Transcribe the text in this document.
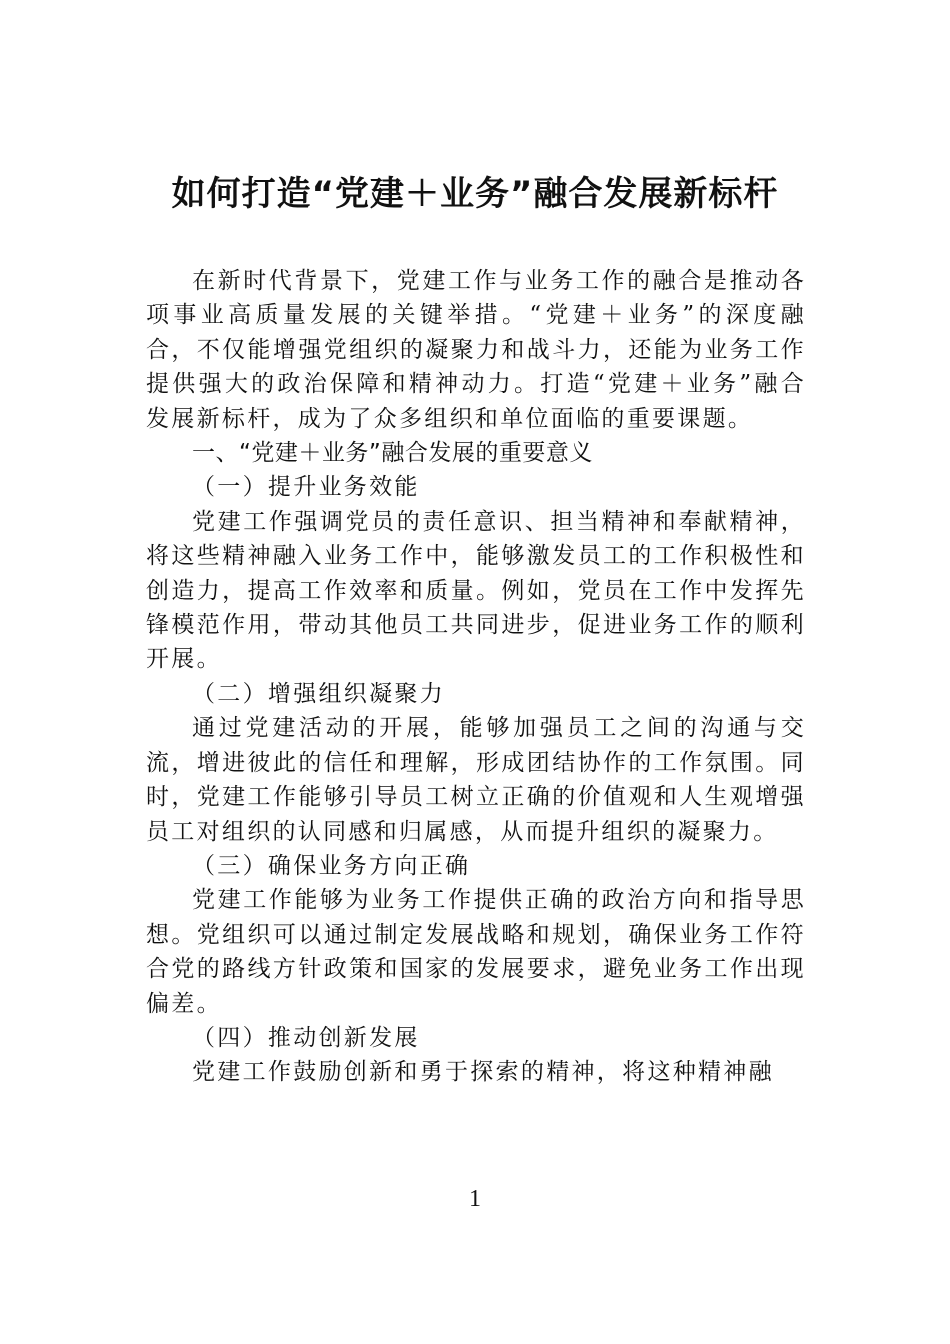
如何打造“党建＋业务”融合发展新标杆

在新时代背景下，党建工作与业务工作的融合是推动各项事业高质量发展的关键举措。“党建＋业务”的深度融合，不仅能增强党组织的凝聚力和战斗力，还能为业务工作提供强大的政治保障和精神动力。打造“党建＋业务”融合发展新标杆，成为了众多组织和单位面临的重要课题。

一、“党建＋业务”融合发展的重要意义

（一）提升业务效能

党建工作强调党员的责任意识、担当精神和奉献精神，将这些精神融入业务工作中，能够激发员工的工作积极性和创造力，提高工作效率和质量。例如，党员在工作中发挥先锋模范作用，带动其他员工共同进步，促进业务工作的顺利开展。

（二）增强组织凝聚力

通过党建活动的开展，能够加强员工之间的沟通与交流，增进彼此的信任和理解，形成团结协作的工作氛围。同时，党建工作能够引导员工树立正确的价值观和人生观增强员工对组织的认同感和归属感，从而提升组织的凝聚力。

（三）确保业务方向正确

党建工作能够为业务工作提供正确的政治方向和指导思想。党组织可以通过制定发展战略和规划，确保业务工作符合党的路线方针政策和国家的发展要求，避免业务工作出现偏差。

（四）推动创新发展

党建工作鼓励创新和勇于探索的精神，将这种精神融

1
